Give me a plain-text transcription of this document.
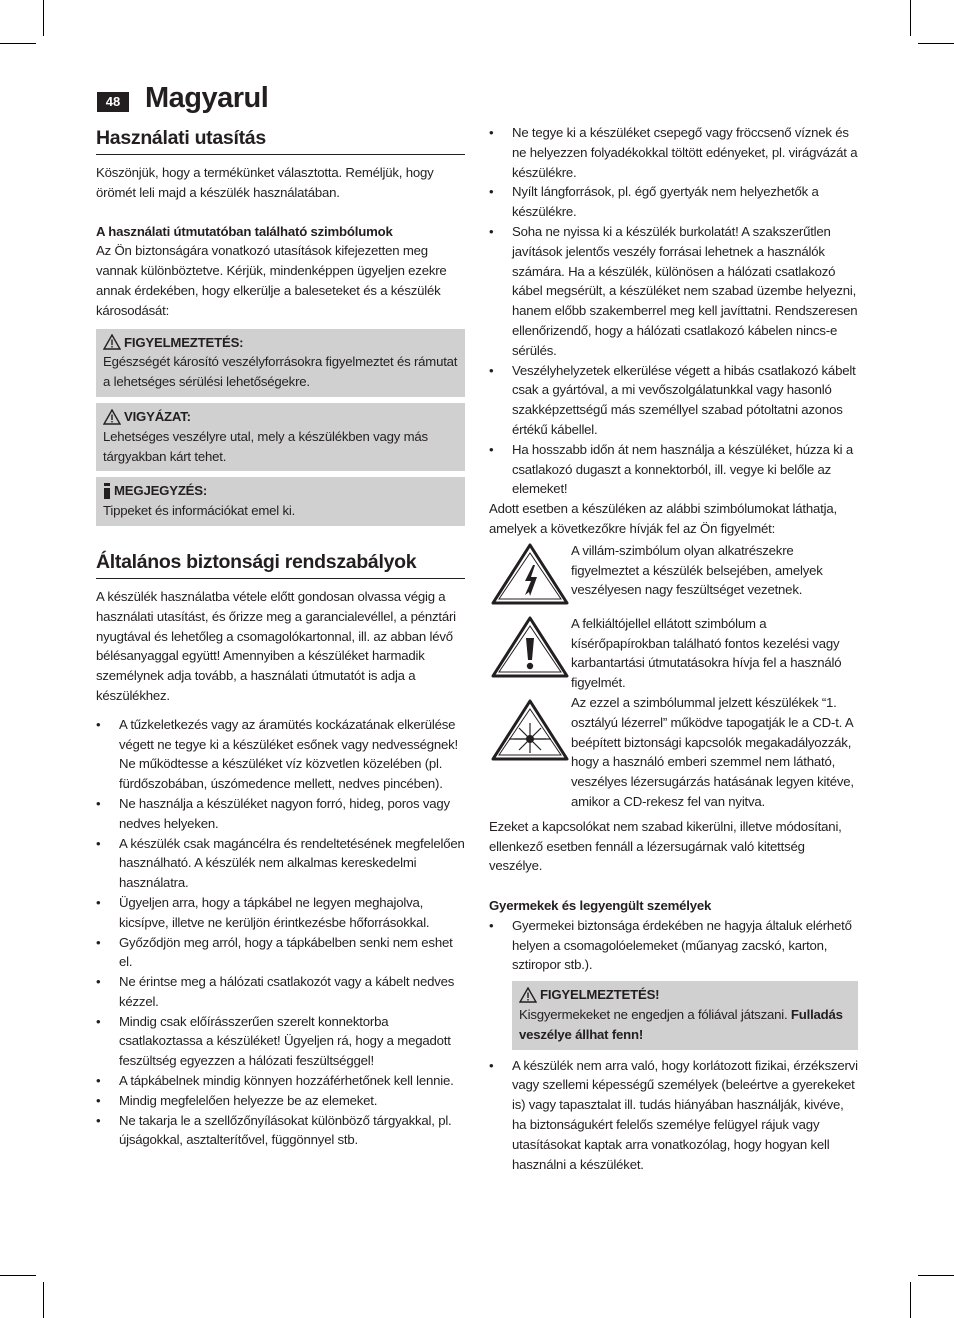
48 Magyarul
Használati utasítás

Köszönjük, hogy a termékünket választotta. Reméljük, hogy örömét leli majd a készülék használatában.

A használati útmutatóban található szimbólumok

Az Ön biztonságára vonatkozó utasítások kifejezetten meg vannak különböztetve. Kérjük, mindenképpen ügyeljen ezekre annak érdekében, hogy elkerülje a baleseteket és a készülék károsodását:

FIGYELMEZTETÉS:

Egészségét károsító veszélyforrásokra figyelmeztet és rámutat a lehetséges sérülési lehetőségekre.

VIGYÁZAT:

Lehetséges veszélyre utal, mely a készülékben vagy más tárgyakban kárt tehet.

MEGJEGYZÉS:

Tippeket és információkat emel ki.

Általános biztonsági rendszabályok

A készülék használatba vétele előtt gondosan olvassa végig a használati utasítást, és őrizze meg a garancialevéllel, a pénztári nyugtával és lehetőleg a csomagolókartonnal, ill. az abban lévő bélésanyaggal együtt! Amennyiben a készüléket harmadik személynek adja tovább, a használati útmutatót is adja a készülékhez.

• A tűzkeletkezés vagy az áramütés kockázatának elkerülése végett ne tegye ki a készüléket esőnek vagy nedvességnek! Ne működtesse a készüléket víz közvetlen közelében (pl. fürdőszobában, úszómedence mellett, nedves pincében).
• Ne használja a készüléket nagyon forró, hideg, poros vagy nedves helyeken.
• A készülék csak magáncélra és rendeltetésének megfelelően használható. A készülék nem alkalmas kereskedelmi használatra.
• Ügyeljen arra, hogy a tápkábel ne legyen meghajolva, kicsípve, illetve ne kerüljön érintkezésbe hőforrásokkal.
• Győződjön meg arról, hogy a tápkábelben senki nem eshet el.
• Ne érintse meg a hálózati csatlakozót vagy a kábelt nedves kézzel.
• Mindig csak előírásszerűen szerelt konnektorba csatlakoztassa a készüléket! Ügyeljen rá, hogy a megadott feszültség egyezzen a hálózati feszültséggel!
• A tápkábelnek mindig könnyen hozzáférhetőnek kell lennie.
• Mindig megfelelően helyezze be az elemeket.
• Ne takarja le a szellőzőnyílásokat különböző tárgyakkal, pl. újságokkal, asztalterítővel, függönnyel stb.
• Ne tegye ki a készüléket csepegő vagy fröccsenő víznek és ne helyezzen folyadékokkal töltött edényeket, pl. virágvázát a készülékre.
• Nyílt lángforrások, pl. égő gyertyák nem helyezhetők a készülékre.
• Soha ne nyissa ki a készülék burkolatát! A szakszerűtlen javítások jelentős veszély forrásai lehetnek a használók számára. Ha a készülék, különösen a hálózati csatlakozó kábel megsérült, a készüléket nem szabad üzembe helyezni, hanem előbb szakemberrel meg kell javíttatni. Rendszeresen ellenőrizendő, hogy a hálózati csatlakozó kábelen nincs-e sérülés.
• Veszélyhelyzetek elkerülése végett a hibás csatlakozó kábelt csak a gyártóval, a mi vevőszolgálatunkkal vagy hasonló szakképzettségű más személlyel szabad pótoltatni azonos értékű kábellel.
• Ha hosszabb időn át nem használja a készüléket, húzza ki a csatlakozó dugaszt a konnektorból, ill. vegye ki belőle az elemeket!

Adott esetben a készüléken az alábbi szimbólumokat láthatja, amelyek a következőkre hívják fel az Ön figyelmét:

A villám-szimbólum olyan alkatrészekre figyelmeztet a készülék belsejében, amelyek veszélyesen nagy feszültséget vezetnek.
A felkiáltójellel ellátott szimbólum a kísérőpapírokban található fontos kezelési vagy karbantartási útmutatásokra hívja fel a használó figyelmét.
Az ezzel a szimbólummal jelzett készülékek “1. osztályú lézerrel” működve tapogatják le a CD-t. A beépített biztonsági kapcsolók megakadályozzák, hogy a használó emberi szemmel nem látható, veszélyes lézersugárzás hatásának legyen kitéve, amikor a CD-rekesz fel van nyitva.

Ezeket a kapcsolókat nem szabad kikerülni, illetve módosítani, ellenkező esetben fennáll a lézersugárnak való kitettség veszélye.

Gyermekek és legyengült személyek
• Gyermekei biztonsága érdekében ne hagyja általuk elérhető helyen a csomagolóelemeket (műanyag zacskó, karton, sztiropor stb.).
FIGYELMEZTETÉS!

Kisgyermekeket ne engedjen a fóliával játszani. Fulladás veszélye állhat fenn!

• A készülék nem arra való, hogy korlátozott fizikai, érzékszervi vagy szellemi képességű személyek (beleértve a gyerekeket is) vagy tapasztalat ill. tudás hiányában használják, kivéve, ha biztonságukért felelős személye felügyel rájuk vagy utasításokat kaptak arra vonatkozólag, hogy hogyan kell használni a készüléket.
